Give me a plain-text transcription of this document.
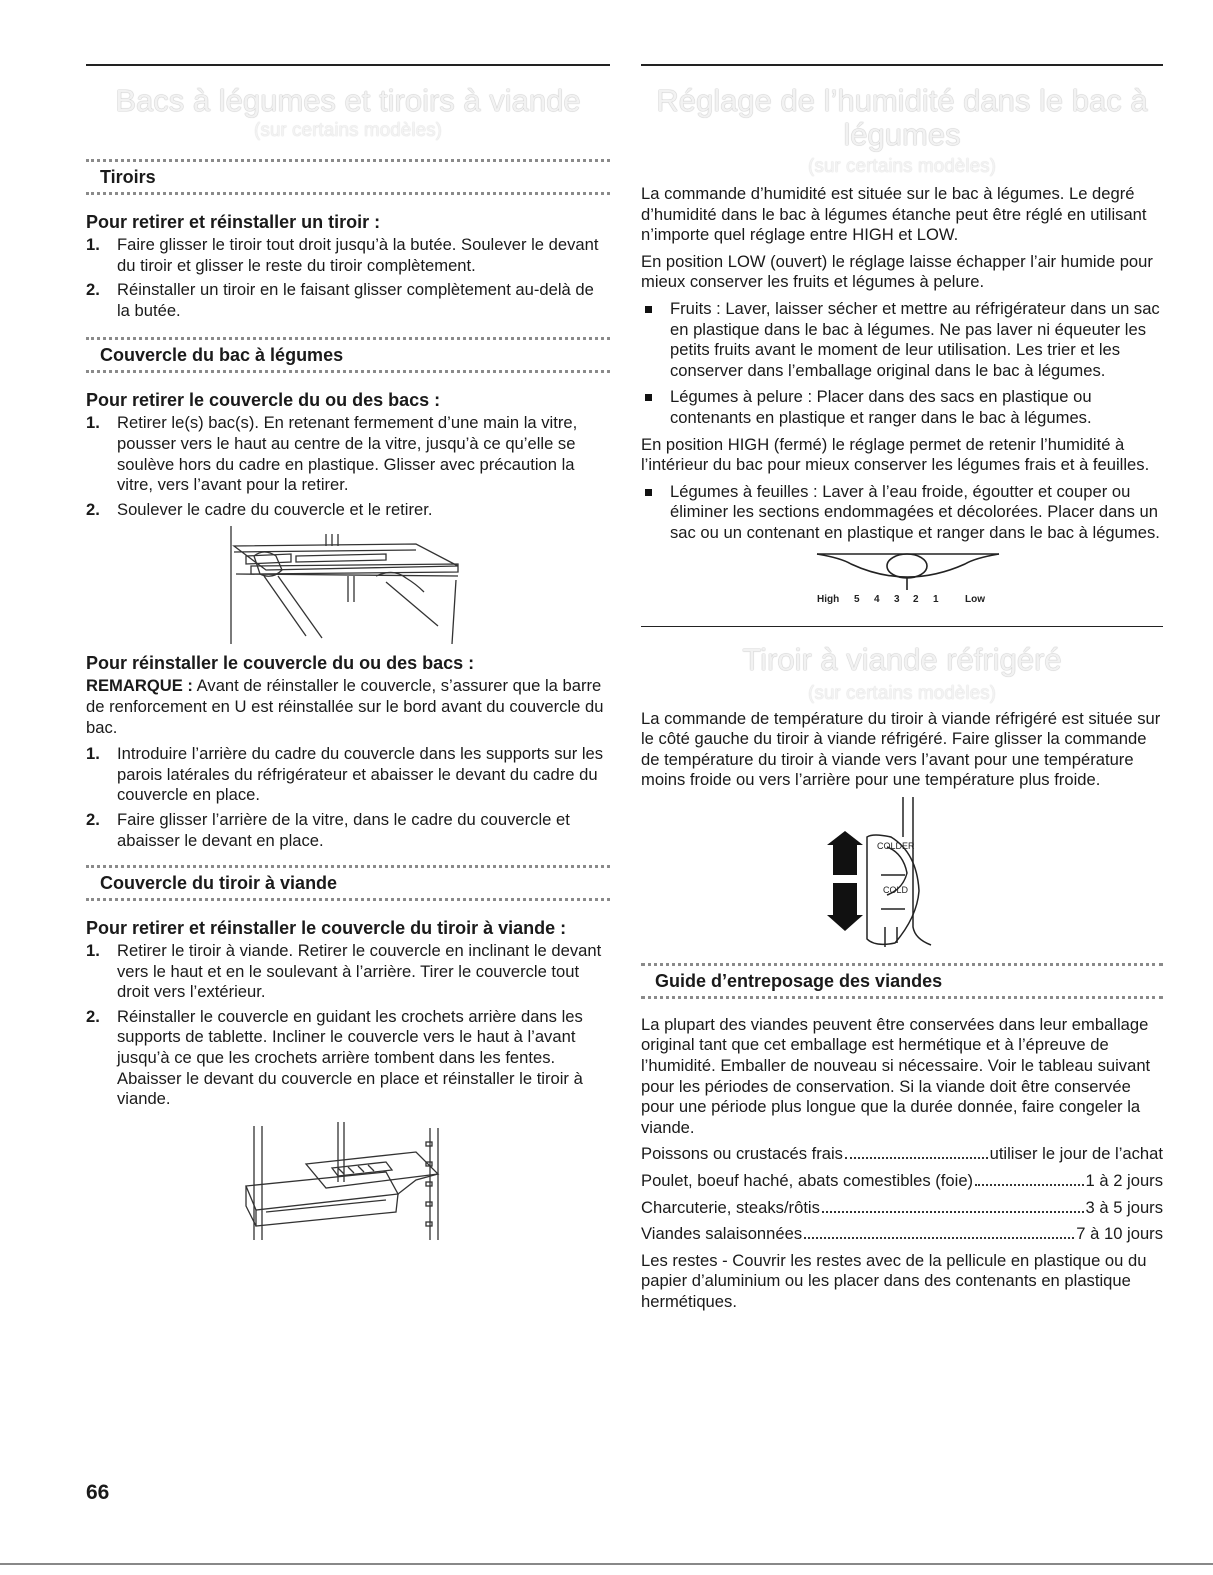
Bacs à légumes et tiroirs à viande
(sur certains modèles)
Tiroirs
Pour retirer et réinstaller un tiroir :
1. Faire glisser le tiroir tout droit jusqu’à la butée. Soulever le devant du tiroir et glisser le reste du tiroir complètement.
2. Réinstaller un tiroir en le faisant glisser complètement au-delà de la butée.
Couvercle du bac à légumes
Pour retirer le couvercle du ou des bacs :
1. Retirer le(s) bac(s). En retenant fermement d’une main la vitre, pousser vers le haut au centre de la vitre, jusqu’à ce qu’elle se soulève hors du cadre en plastique. Glisser avec précaution la vitre, vers l’avant pour la retirer.
2. Soulever le cadre du couvercle et le retirer.
Pour réinstaller le couvercle du ou des bacs :

REMARQUE : Avant de réinstaller le couvercle, s’assurer que la barre de renforcement en U est réinstallée sur le bord avant du couvercle du bac.

1. Introduire l’arrière du cadre du couvercle dans les supports sur les parois latérales du réfrigérateur et abaisser le devant du cadre du couvercle en place.
2. Faire glisser l’arrière de la vitre, dans le cadre du couvercle et abaisser le devant en place.
Couvercle du tiroir à viande
Pour retirer et réinstaller le couvercle du tiroir à viande :
1. Retirer le tiroir à viande. Retirer le couvercle en inclinant le devant vers le haut et en le soulevant à l’arrière. Tirer le couvercle tout droit vers l’extérieur.
2. Réinstaller le couvercle en guidant les crochets arrière dans les supports de tablette. Incliner le couvercle vers le haut à l’avant jusqu’à ce que les crochets arrière tombent dans les fentes. Abaisser le devant du couvercle en place et réinstaller le tiroir à viande.
Réglage de l’humidité dans le bac à
légumes
(sur certains modèles)

La commande d’humidité est située sur le bac à légumes. Le degré d’humidité dans le bac à légumes étanche peut être réglé en utilisant n’importe quel réglage entre HIGH et LOW.

En position LOW (ouvert) le réglage laisse échapper l’air humide pour mieux conserver les fruits et légumes à pelure.

Fruits : Laver, laisser sécher et mettre au réfrigérateur dans un sac en plastique dans le bac à légumes. Ne pas laver ni équeuter les petits fruits avant le moment de leur utilisation. Les trier et les conserver dans l’emballage original dans le bac à légumes.
Légumes à pelure : Placer dans des sacs en plastique ou contenants en plastique et ranger dans le bac à légumes.

En position HIGH (fermé) le réglage permet de retenir l’humidité à l’intérieur du bac pour mieux conserver les légumes frais et à feuilles.

Légumes à feuilles : Laver à l’eau froide, égoutter et couper ou éliminer les sections endommagées et décolorées. Placer dans un sac ou un contenant en plastique et ranger dans le bac à légumes.
High 5 4 3 2 1	Low
Tiroir à viande réfrigéré
(sur certains modèles)

La commande de température du tiroir à viande réfrigéré est située sur le côté gauche du tiroir à viande réfrigéré. Faire glisser la commande de température du tiroir à viande vers l’avant pour une température moins froide ou vers l’arrière pour une température plus froide.

COLDER
COLD
Guide d’entreposage des viandes

La plupart des viandes peuvent être conservées dans leur emballage original tant que cet emballage est hermétique et à l’épreuve de l’humidité. Emballer de nouveau si nécessaire. Voir le tableau suivant pour les périodes de conservation. Si la viande doit être conservée pour une période plus longue que la durée donnée, faire congeler la viande.

Poissons ou crustacés frais	utiliser le jour de l’achat
Poulet, boeuf haché, abats comestibles (foie)	1 à 2 jours
Charcuterie, steaks/rôtis	3 à 5 jours
Viandes salaisonnées	7 à 10 jours

Les restes - Couvrir les restes avec de la pellicule en plastique ou du papier d’aluminium ou les placer dans des contenants en plastique hermétiques.

66
